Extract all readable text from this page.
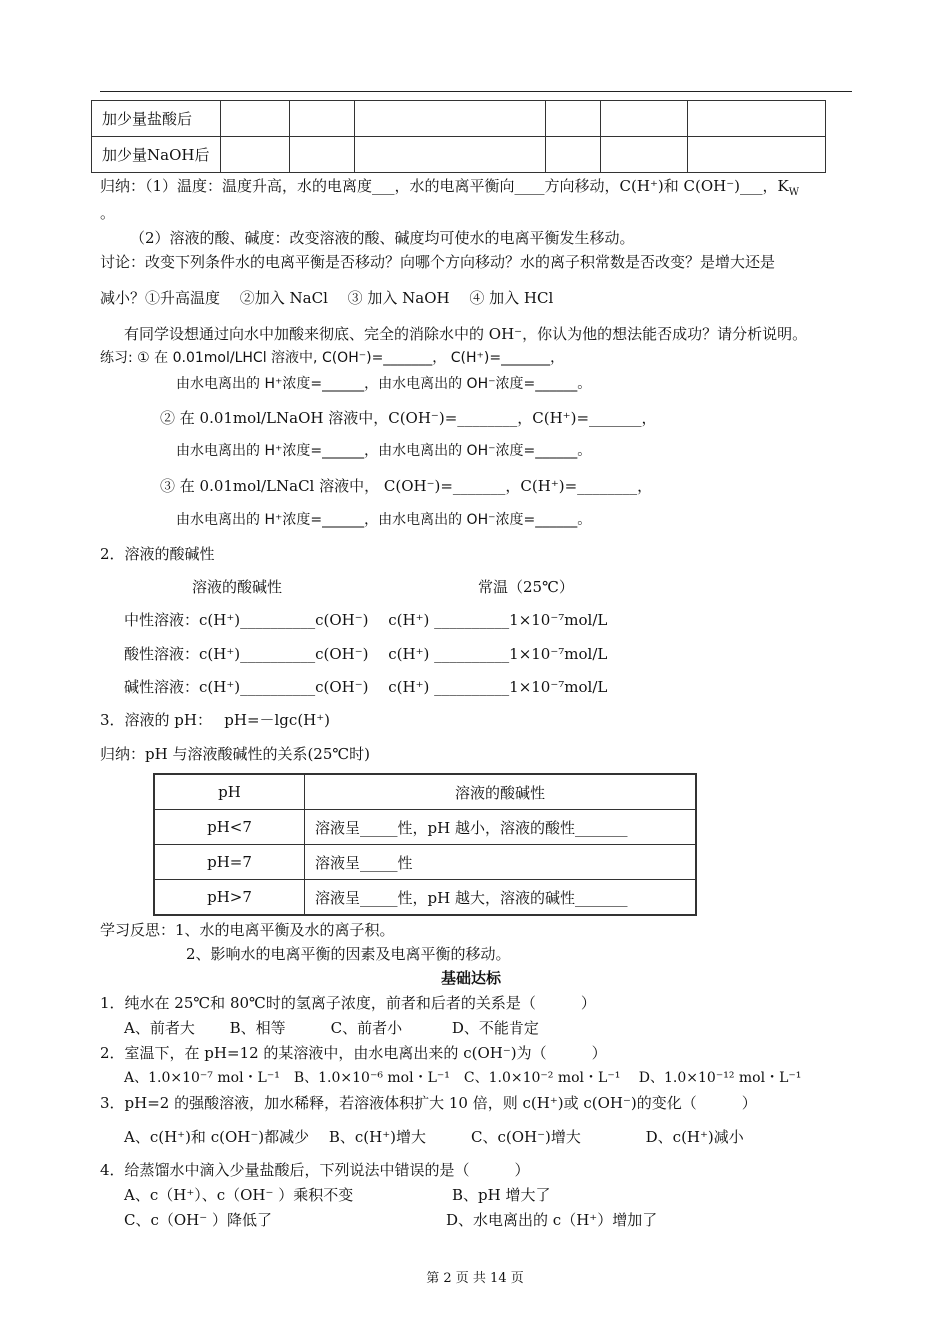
加少量盐酸后						
加少量NaOH后						
归纳：（1）温度：温度升高，水的电离度___，水的电离平衡向____方向移动，C(H⁺)和 C(OH⁻)___，$K_W$
。
（2）溶液的酸、碱度：改变溶液的酸、碱度均可使水的电离平衡发生移动。
讨论：改变下列条件水的电离平衡是否移动？向哪个方向移动？水的离子积常数是否改变？是增大还是
减小？①升高温度　 ②加入 NaCl　 ③ 加入 NaOH　 ④ 加入 HCl
有同学设想通过向水中加酸来彻底、完全的消除水中的 OH⁻，你认为他的想法能否成功？请分析说明。
练习: ① 在 0.01mol/LHCl 溶液中, C(OH⁻)=_______， C(H⁺)=_______，
由水电离出的 H⁺浓度=______，由水电离出的 OH⁻浓度=______。
② 在 0.01mol/LNaOH 溶液中，C(OH⁻)=________，C(H⁺)=_______，
由水电离出的 H⁺浓度=______，由水电离出的 OH⁻浓度=______。
③ 在 0.01mol/LNaCl 溶液中， C(OH⁻)=_______，C(H⁺)=________，
由水电离出的 H⁺浓度=______，由水电离出的 OH⁻浓度=______。
2．溶液的酸碱性
溶液的酸碱性	常温（25℃）
中性溶液：c(H⁺)__________c(OH⁻)　 c(H⁺) __________1×10⁻⁷mol/L
酸性溶液：c(H⁺)__________c(OH⁻)　 c(H⁺) __________1×10⁻⁷mol/L
碱性溶液：c(H⁺)__________c(OH⁻)　 c(H⁺) __________1×10⁻⁷mol/L
3．溶液的 pH：　 pH=－lgc(H⁺)
归纳：pH 与溶液酸碱性的关系(25℃时)
pH	溶液的酸碱性
pH<7	溶液呈_____性，pH 越小，溶液的酸性_______
pH=7	溶液呈_____性
pH>7	溶液呈_____性，pH 越大，溶液的碱性_______
学习反思：1、水的电离平衡及水的离子积。
2、影响水的电离平衡的因素及电离平衡的移动。
基础达标
1．纯水在 25℃和 80℃时的氢离子浓度，前者和后者的关系是（　　　）
A、前者大　　 B、相等　　　C、前者小　　　 D、不能肯定
2．室温下，在 pH=12 的某溶液中，由水电离出来的 c(OH⁻)为（　　　）
A、1.0×10⁻⁷ mol・L⁻¹　B、1.0×10⁻⁶ mol・L⁻¹　C、1.0×10⁻² mol・L⁻¹　 D、1.0×10⁻¹² mol・L⁻¹
3．pH=2 的强酸溶液，加水稀释，若溶液体积扩大 10 倍，则 c(H⁺)或 c(OH⁻)的变化（　　　）
A、c(H⁺)和 c(OH⁻)都减少　 B、c(H⁺)增大　　　C、c(OH⁻)增大　　　　 D、c(H⁺)减小
4．给蒸馏水中滴入少量盐酸后，下列说法中错误的是（　　　）
A、c（H⁺）、c（OH⁻ ）乘积不变	B、pH 增大了
C、c（OH⁻ ）降低了	D、水电离出的 c（H⁺）增加了
第 2 页 共 14 页
